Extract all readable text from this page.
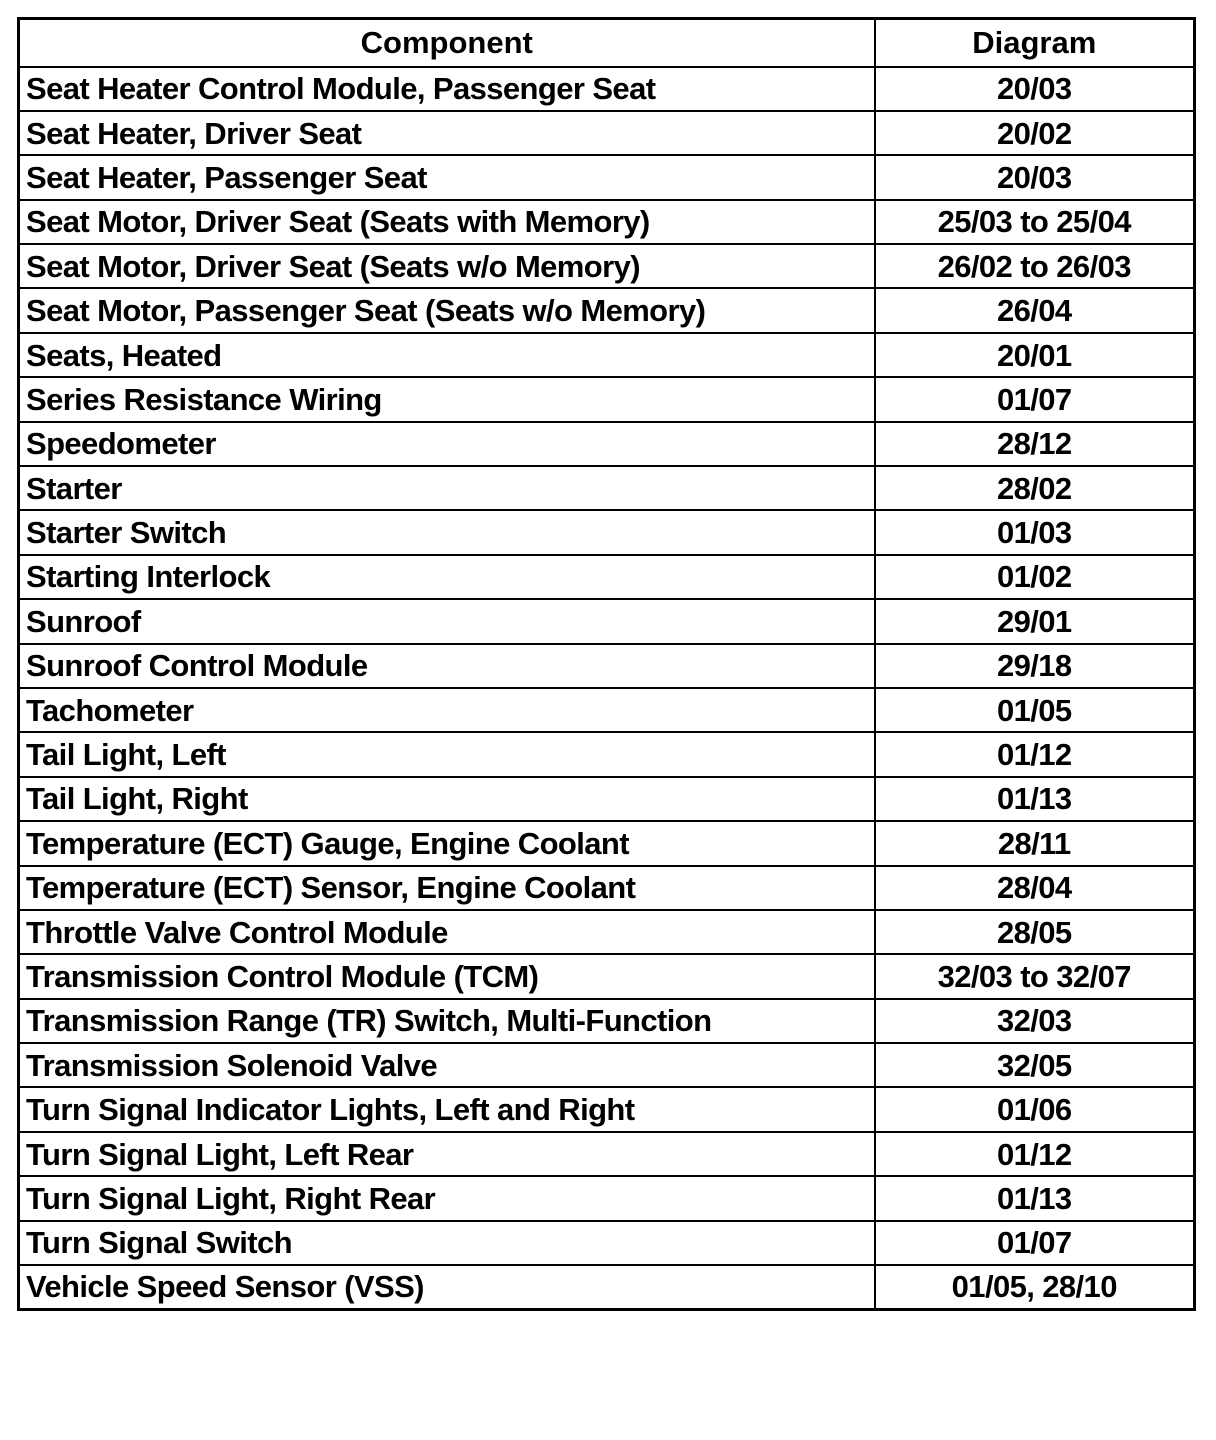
Component	Diagram
Seat Heater Control Module, Passenger Seat	20/03
Seat Heater, Driver Seat	20/02
Seat Heater, Passenger Seat	20/03
Seat Motor, Driver Seat (Seats with Memory)	25/03 to 25/04
Seat Motor, Driver Seat (Seats w/o Memory)	26/02 to 26/03
Seat Motor, Passenger Seat (Seats w/o Memory)	26/04
Seats, Heated	20/01
Series Resistance Wiring	01/07
Speedometer	28/12
Starter	28/02
Starter Switch	01/03
Starting Interlock	01/02
Sunroof	29/01
Sunroof Control Module	29/18
Tachometer	01/05
Tail Light, Left	01/12
Tail Light, Right	01/13
Temperature (ECT) Gauge, Engine Coolant	28/11
Temperature (ECT) Sensor, Engine Coolant	28/04
Throttle Valve Control Module	28/05
Transmission Control Module (TCM)	32/03 to 32/07
Transmission Range (TR) Switch, Multi-Function	32/03
Transmission Solenoid Valve	32/05
Turn Signal Indicator Lights, Left and Right	01/06
Turn Signal Light, Left Rear	01/12
Turn Signal Light, Right Rear	01/13
Turn Signal Switch	01/07
Vehicle Speed Sensor (VSS)	01/05, 28/10
